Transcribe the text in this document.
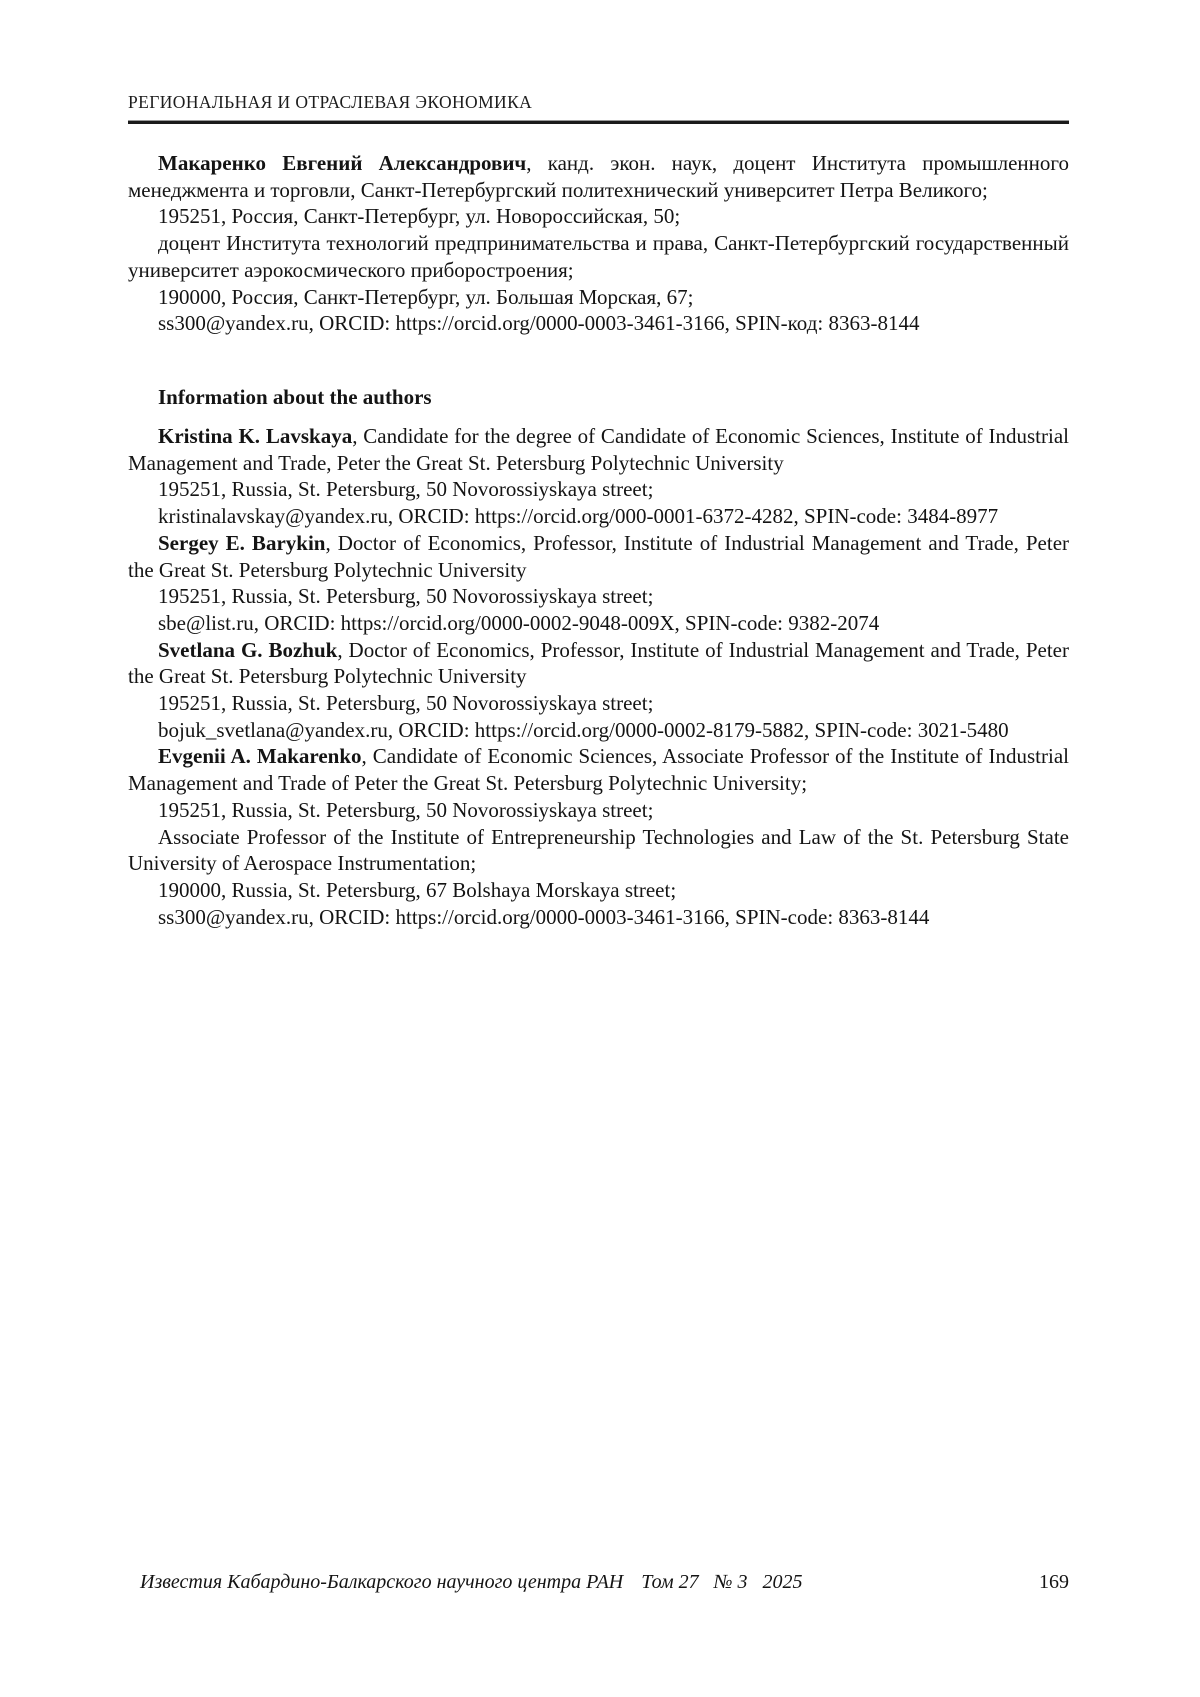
РЕГИОНАЛЬНАЯ И ОТРАСЛЕВАЯ ЭКОНОМИКА

Макаренко Евгений Александрович, канд. экон. наук, доцент Института промышленного менеджмента и торговли, Санкт-Петербургский политехнический университет Петра Великого;

195251, Россия, Санкт-Петербург, ул. Новороссийская, 50;

доцент Института технологий предпринимательства и права, Санкт-Петербургский государственный университет аэрокосмического приборостроения;

190000, Россия, Санкт-Петербург, ул. Большая Морская, 67;

ss300@yandex.ru, ORCID: https://orcid.org/0000-0003-3461-3166, SPIN-код: 8363-8144

Information about the authors

Kristina K. Lavskaya, Candidate for the degree of Candidate of Economic Sciences, Institute of Industrial Management and Trade, Peter the Great St. Petersburg Polytechnic University

195251, Russia, St. Petersburg, 50 Novorossiyskaya street;

kristinalavskay@yandex.ru, ORCID: https://orcid.org/000-0001-6372-4282, SPIN-code: 3484-8977

Sergey E. Barykin, Doctor of Economics, Professor, Institute of Industrial Management and Trade, Peter the Great St. Petersburg Polytechnic University

195251, Russia, St. Petersburg, 50 Novorossiyskaya street;

sbe@list.ru, ORCID: https://orcid.org/0000-0002-9048-009X, SPIN-code: 9382-2074

Svetlana G. Bozhuk, Doctor of Economics, Professor, Institute of Industrial Management and Trade, Peter the Great St. Petersburg Polytechnic University

195251, Russia, St. Petersburg, 50 Novorossiyskaya street;

bojuk_svetlana@yandex.ru, ORCID: https://orcid.org/0000-0002-8179-5882, SPIN-code: 3021-5480

Evgenii A. Makarenko, Candidate of Economic Sciences, Associate Professor of the Institute of Industrial Management and Trade of Peter the Great St. Petersburg Polytechnic University;

195251, Russia, St. Petersburg, 50 Novorossiyskaya street;

Associate Professor of the Institute of Entrepreneurship Technologies and Law of the St. Petersburg State University of Aerospace Instrumentation;

190000, Russia, St. Petersburg, 67 Bolshaya Morskaya street;

ss300@yandex.ru, ORCID: https://orcid.org/0000-0003-3461-3166, SPIN-code: 8363-8144

Известия Кабардино-Балкарского научного центра РАН Том 27 № 3 2025	169
